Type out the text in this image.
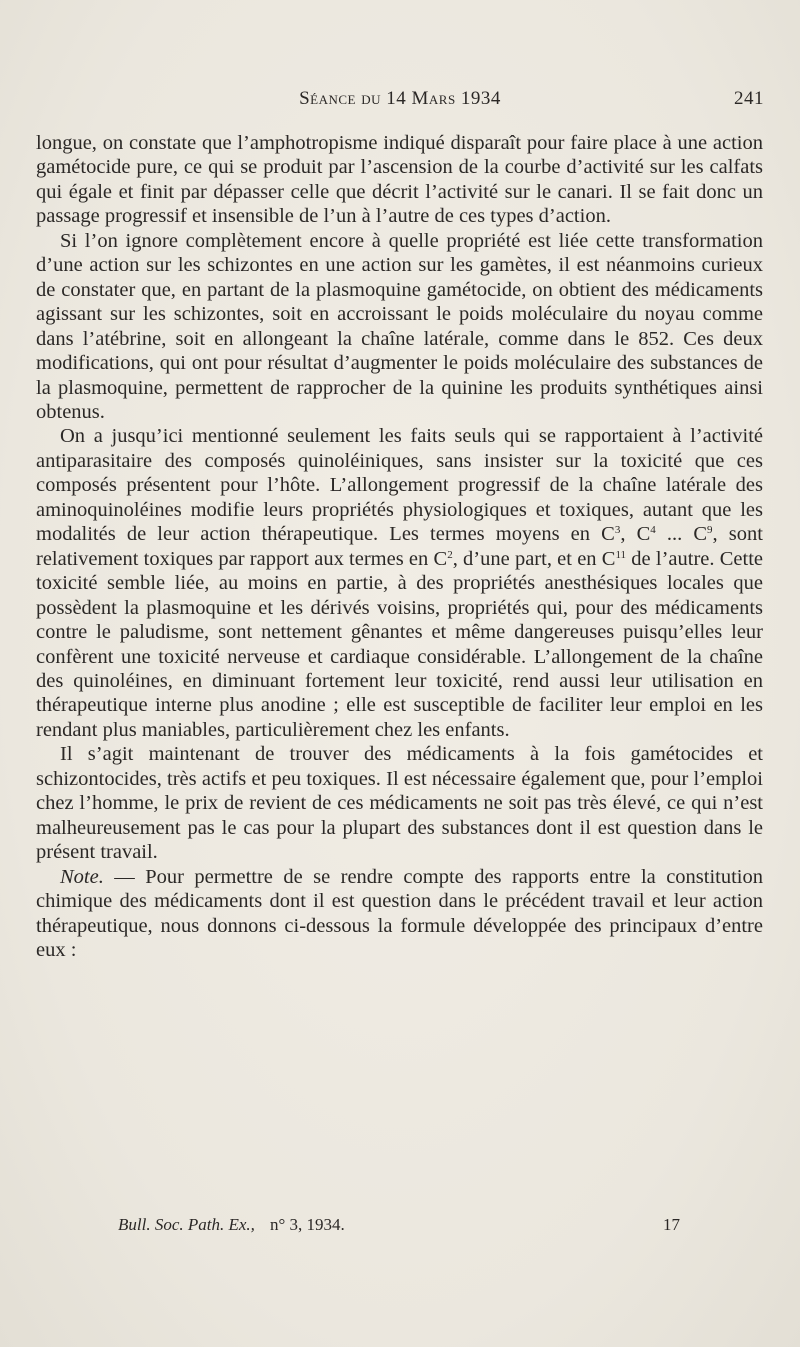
Séance du 14 Mars 1934	241

longue, on constate que l’amphotropisme indiqué disparaît pour faire place à une action gamétocide pure, ce qui se produit par l’ascension de la courbe d’activité sur les calfats qui égale et finit par dépasser celle que décrit l’activité sur le canari. Il se fait donc un passage progressif et insensible de l’un à l’autre de ces types d’action.

Si l’on ignore complètement encore à quelle propriété est liée cette transformation d’une action sur les schizontes en une action sur les gamètes, il est néanmoins curieux de constater que, en partant de la plasmoquine gamétocide, on obtient des médicaments agissant sur les schizontes, soit en accroissant le poids moléculaire du noyau comme dans l’atébrine, soit en allongeant la chaîne latérale, comme dans le 852. Ces deux modifications, qui ont pour résultat d’augmenter le poids moléculaire des substances de la plasmoquine, permettent de rapprocher de la quinine les produits synthétiques ainsi obtenus.

On a jusqu’ici mentionné seulement les faits seuls qui se rapportaient à l’activité antiparasitaire des composés quinoléiniques, sans insister sur la toxicité que ces composés présentent pour l’hôte. L’allongement progressif de la chaîne latérale des aminoquinoléines modifie leurs propriétés physiologiques et toxiques, autant que les modalités de leur action thérapeutique. Les termes moyens en $C^3$, $C^4$ ... $C^9$, sont relativement toxiques par rapport aux termes en $C^2$, d’une part, et en $C^{11}$ de l’autre. Cette toxicité semble liée, au moins en partie, à des propriétés anesthésiques locales que possèdent la plasmoquine et les dérivés voisins, propriétés qui, pour des médicaments contre le paludisme, sont nettement gênantes et même dangereuses puisqu’elles leur confèrent une toxicité nerveuse et cardiaque considérable. L’allongement de la chaîne des quinoléines, en diminuant fortement leur toxicité, rend aussi leur utilisation en thérapeutique interne plus anodine ; elle est susceptible de faciliter leur emploi en les rendant plus maniables, particulièrement chez les enfants.

Il s’agit maintenant de trouver des médicaments à la fois gamétocides et schizontocides, très actifs et peu toxiques. Il est nécessaire également que, pour l’emploi chez l’homme, le prix de revient de ces médicaments ne soit pas très élevé, ce qui n’est malheureusement pas le cas pour la plupart des substances dont il est question dans le présent travail.

Note. — Pour permettre de se rendre compte des rapports entre la constitution chimique des médicaments dont il est question dans le précédent travail et leur action thérapeutique, nous donnons ci-dessous la formule développée des principaux d’entre eux :

Bull. Soc. Path. Ex., n° 3, 1934.	17
